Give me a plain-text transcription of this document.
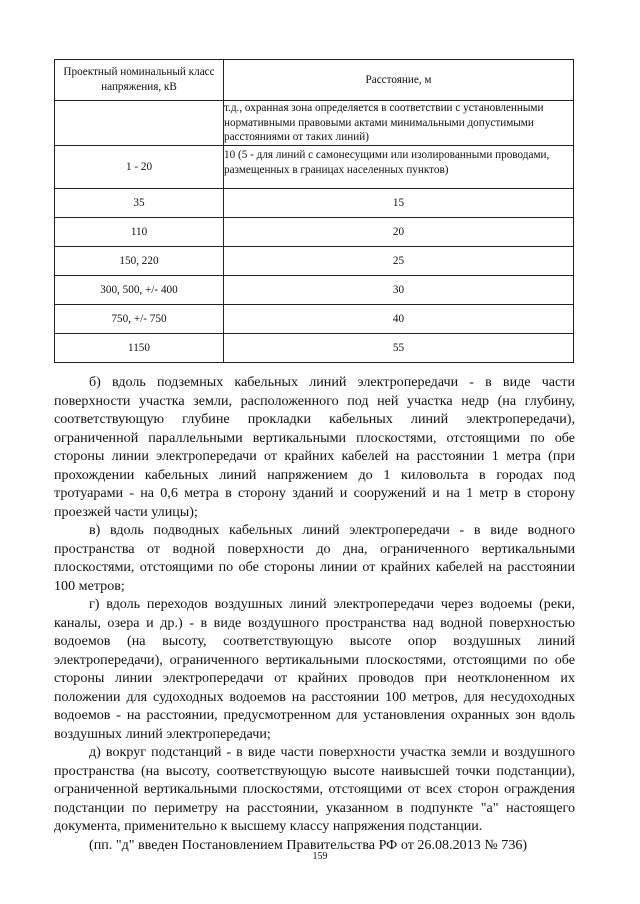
Проектный номинальный класс напряжения, кВ	Расстояние, м
	т.д., охранная зона определяется в соответствии с установленными нормативными правовыми актами минимальными допустимыми расстояниями от таких линий)
1 - 20	10 (5 - для линий с самонесущими или изолированными проводами, размещенных в границах населенных пунктов)
35	15
110	20
150, 220	25
300, 500, +/- 400	30
750, +/- 750	40
1150	55

б) вдоль подземных кабельных линий электропередачи - в виде части поверхности участка земли, расположенного под ней участка недр (на глубину, соответствующую глубине прокладки кабельных линий электропередачи), ограниченной параллельными вертикальными плоскостями, отстоящими по обе стороны линии электропередачи от крайних кабелей на расстоянии 1 метра (при прохождении кабельных линий напряжением до 1 киловольта в городах под тротуарами - на 0,6 метра в сторону зданий и сооружений и на 1 метр в сторону проезжей части улицы);

в) вдоль подводных кабельных линий электропередачи - в виде водного пространства от водной поверхности до дна, ограниченного вертикальными плоскостями, отстоящими по обе стороны линии от крайних кабелей на расстоянии 100 метров;

г) вдоль переходов воздушных линий электропередачи через водоемы (реки, каналы, озера и др.) - в виде воздушного пространства над водной поверхностью водоемов (на высоту, соответствующую высоте опор воздушных линий электропередачи), ограниченного вертикальными плоскостями, отстоящими по обе стороны линии электропередачи от крайних проводов при неотклоненном их положении для судоходных водоемов на расстоянии 100 метров, для несудоходных водоемов - на расстоянии, предусмотренном для установления охранных зон вдоль воздушных линий электропередачи;

д) вокруг подстанций - в виде части поверхности участка земли и воздушного пространства (на высоту, соответствующую высоте наивысшей точки подстанции), ограниченной вертикальными плоскостями, отстоящими от всех сторон ограждения подстанции по периметру на расстоянии, указанном в подпункте "а" настоящего документа, применительно к высшему классу напряжения подстанции.

(пп. "д" введен Постановлением Правительства РФ от 26.08.2013 № 736)

159
